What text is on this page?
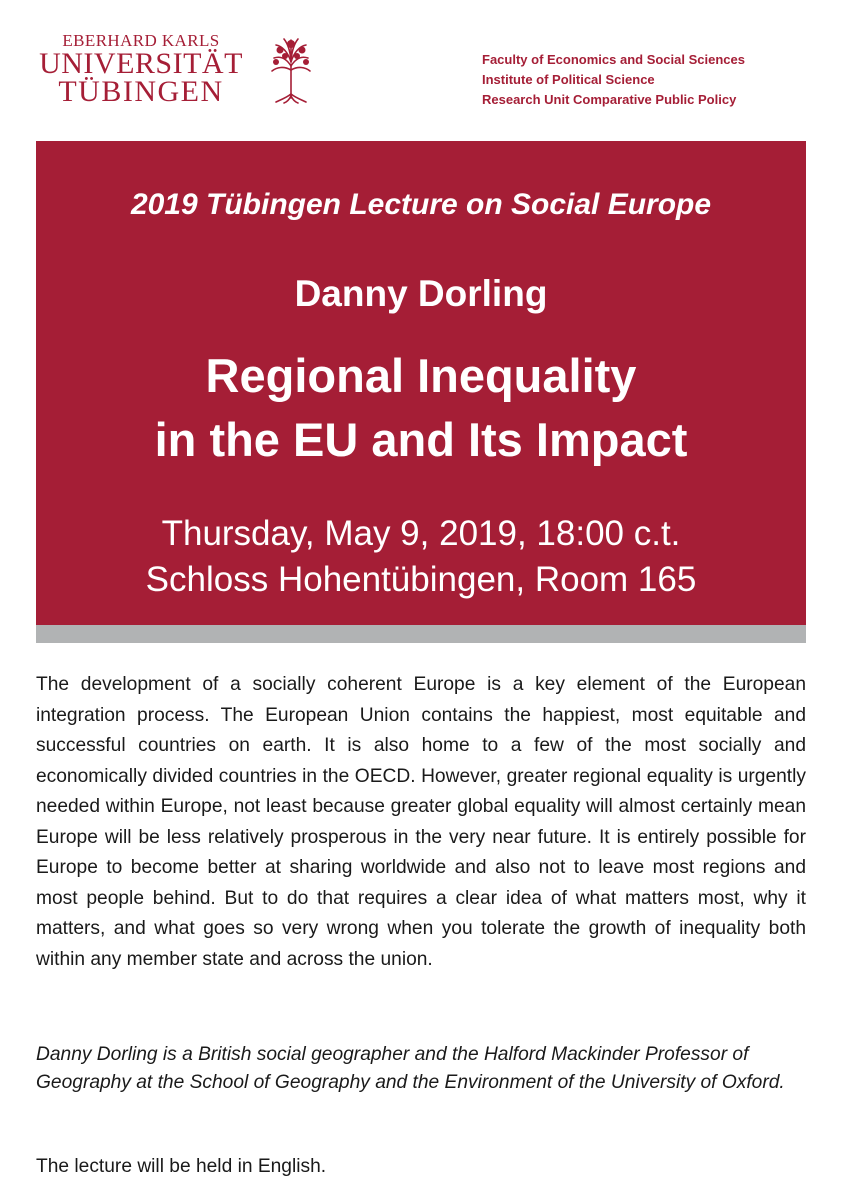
EBERHARD KARLS
UNIVERSITÄT
TÜBINGEN
Faculty of Economics and Social Sciences
Institute of Political Science
Research Unit Comparative Public Policy
2019 Tübingen Lecture on Social Europe
Danny Dorling
Regional Inequality
in the EU and Its Impact
Thursday, May 9, 2019, 18:00 c.t.
Schloss Hohentübingen, Room 165
The development of a socially coherent Europe is a key element of the European integration process. The European Union contains the happiest, most equitable and successful countries on earth. It is also home to a few of the most socially and economically divided countries in the OECD. However, greater regional equality is urgently needed within Europe, not least because greater global equality will almost certainly mean Europe will be less relatively prosperous in the very near future. It is entirely possible for Europe to become better at sharing worldwide and also not to leave most regions and most people behind. But to do that requires a clear idea of what matters most, why it matters, and what goes so very wrong when you tolerate the growth of inequality both within any member state and across the union.
Danny Dorling is a British social geographer and the Halford Mackinder Professor of Geography at the School of Geography and the Environment of the University of Oxford.
The lecture will be held in English.
